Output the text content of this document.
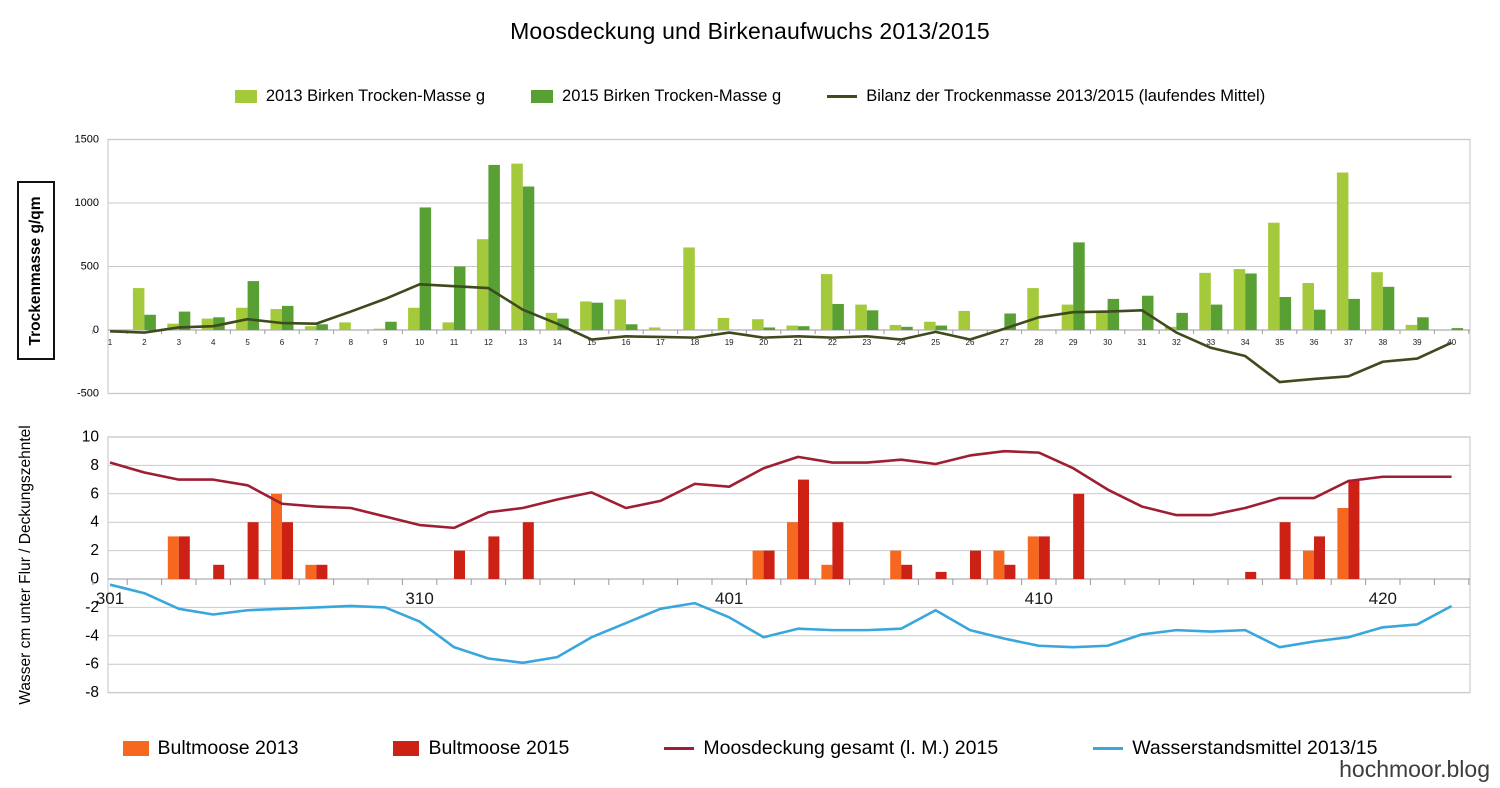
Moosdeckung und Birkenaufwuchs 2013/2015
2013 Birken Trocken-Masse g	2015 Birken Trocken-Masse g	Bilanz der Trockenmasse 2013/2015 (laufendes Mittel)
Trockenmasse g/qm
Wasser cm unter Flur / Deckungszehntel
1500
1000
500
0
-500
1	2	3	4	5	6	7	8	9	10	11	12	13	14	15	16	17	18	19	20	21	22	23	24	25	26	27	28	29	30	31	32	33	34	35	36	37	38	39	40
10
8
6
4
2
0
-2
-4
-6
-8
301	310	401	410	420
Bultmoose 2013	Bultmoose 2015	Moosdeckung gesamt (l. M.) 2015	Wasserstandsmittel 2013/15
hochmoor.blog
